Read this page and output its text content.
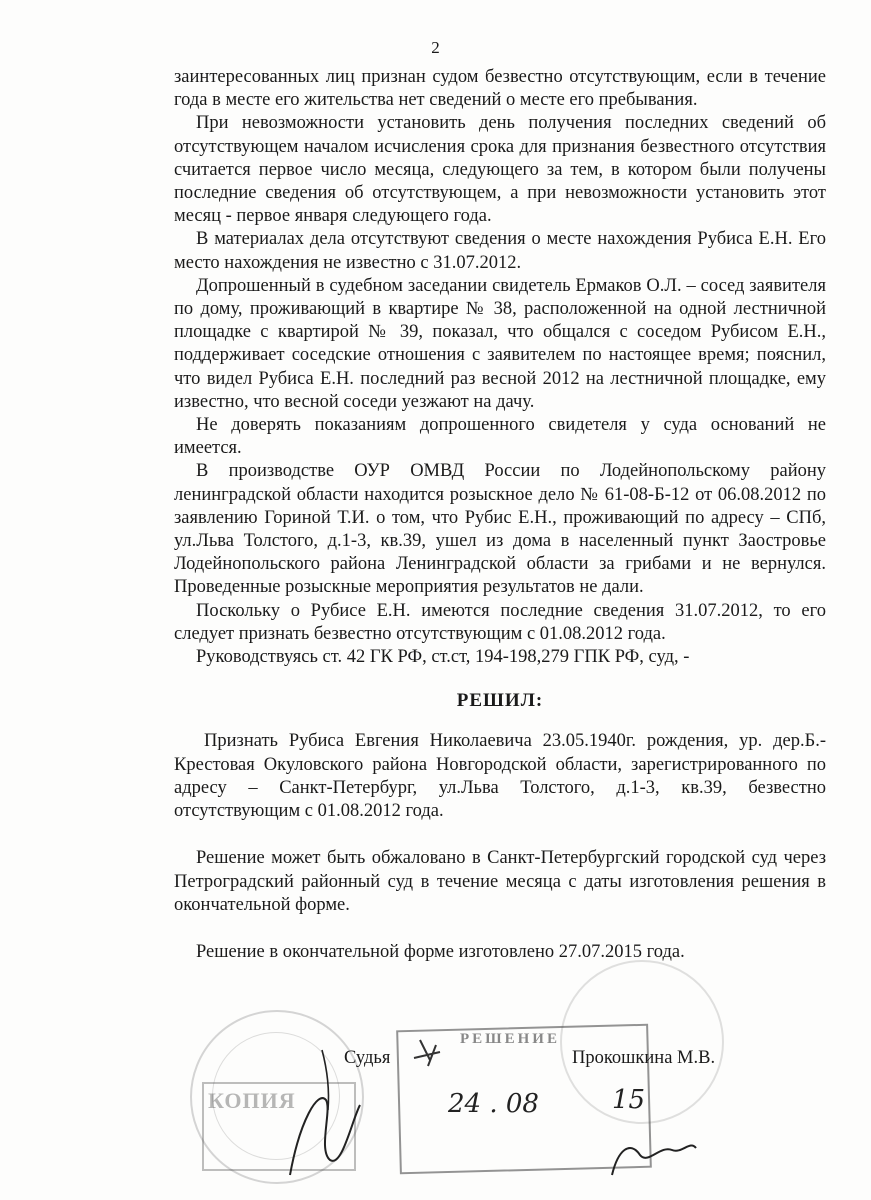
2

заинтересованных лиц признан судом безвестно отсутствующим, если в течение года в месте его жительства нет сведений о месте его пребывания.

При невозможности установить день получения последних сведений об отсутствующем началом исчисления срока для признания безвестного отсутствия считается первое число месяца, следующего за тем, в котором были получены последние сведения об отсутствующем, а при невозможности установить этот месяц - первое января следующего года.

В материалах дела отсутствуют сведения о месте нахождения Рубиса Е.Н. Его место нахождения не известно с 31.07.2012.

Допрошенный в судебном заседании свидетель Ермаков О.Л. – сосед заявителя по дому, проживающий в квартире № 38, расположенной на одной лестничной площадке с квартирой № 39, показал, что общался с соседом Рубисом Е.Н., поддерживает соседские отношения с заявителем по настоящее время; пояснил, что видел Рубиса Е.Н. последний раз весной 2012 на лестничной площадке, ему известно, что весной соседи уезжают на дачу.

Не доверять показаниям допрошенного свидетеля у суда оснований не имеется.

В производстве ОУР ОМВД России по Лодейнопольскому району ленинградской области находится розыскное дело № 61-08-Б-12 от 06.08.2012 по заявлению Гориной Т.И. о том, что Рубис Е.Н., проживающий по адресу – СПб, ул.Льва Толстого, д.1-3, кв.39, ушел из дома в населенный пункт Заостровье Лодейнопольского района Ленинградской области за грибами и не вернулся. Проведенные розыскные мероприятия результатов не дали.

Поскольку о Рубисе Е.Н. имеются последние сведения 31.07.2012, то его следует признать безвестно отсутствующим с 01.08.2012 года.

Руководствуясь ст. 42 ГК РФ, ст.ст, 194-198,279 ГПК РФ, суд, -

РЕШИЛ:

Признать Рубиса Евгения Николаевича 23.05.1940г. рождения, ур. дер.Б.-Крестовая Окуловского района Новгородской области, зарегистрированного по адресу – Санкт-Петербург, ул.Льва Толстого, д.1-3, кв.39, безвестно отсутствующим с 01.08.2012 года.

Решение может быть обжаловано в Санкт-Петербургский городской суд через Петроградский районный суд в течение месяца с даты изготовления решения в окончательной форме.

Решение в окончательной форме изготовлено 27.07.2015 года.

КОПИЯ
РЕШЕНИЕ
Судья	Прокошкина М.В.
24 . 08	15
